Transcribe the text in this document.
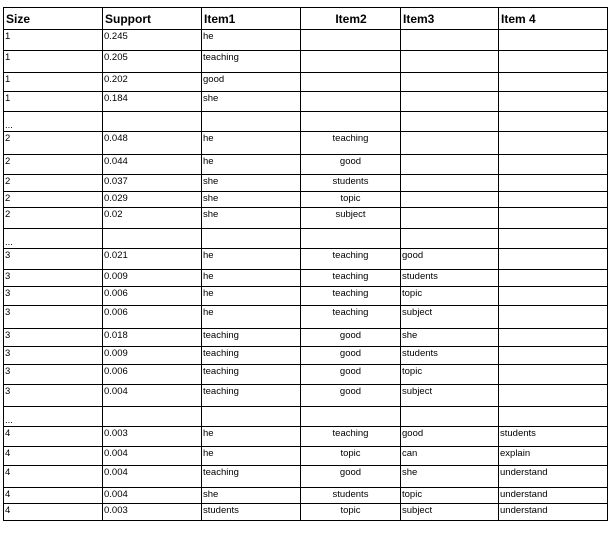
Size	Support	Item1	Item2	Item3	Item 4
1	0.245	he			
1	0.205	teaching			
1	0.202	good			
1	0.184	she			
...					
2	0.048	he	teaching		
2	0.044	he	good		
2	0.037	she	students		
2	0.029	she	topic		
2	0.02	she	subject		
...					
3	0.021	he	teaching	good	
3	0.009	he	teaching	students	
3	0.006	he	teaching	topic	
3	0.006	he	teaching	subject	
3	0.018	teaching	good	she	
3	0.009	teaching	good	students	
3	0.006	teaching	good	topic	
3	0.004	teaching	good	subject	
...					
4	0.003	he	teaching	good	students
4	0.004	he	topic	can	explain
4	0.004	teaching	good	she	understand
4	0.004	she	students	topic	understand
4	0.003	students	topic	subject	understand
